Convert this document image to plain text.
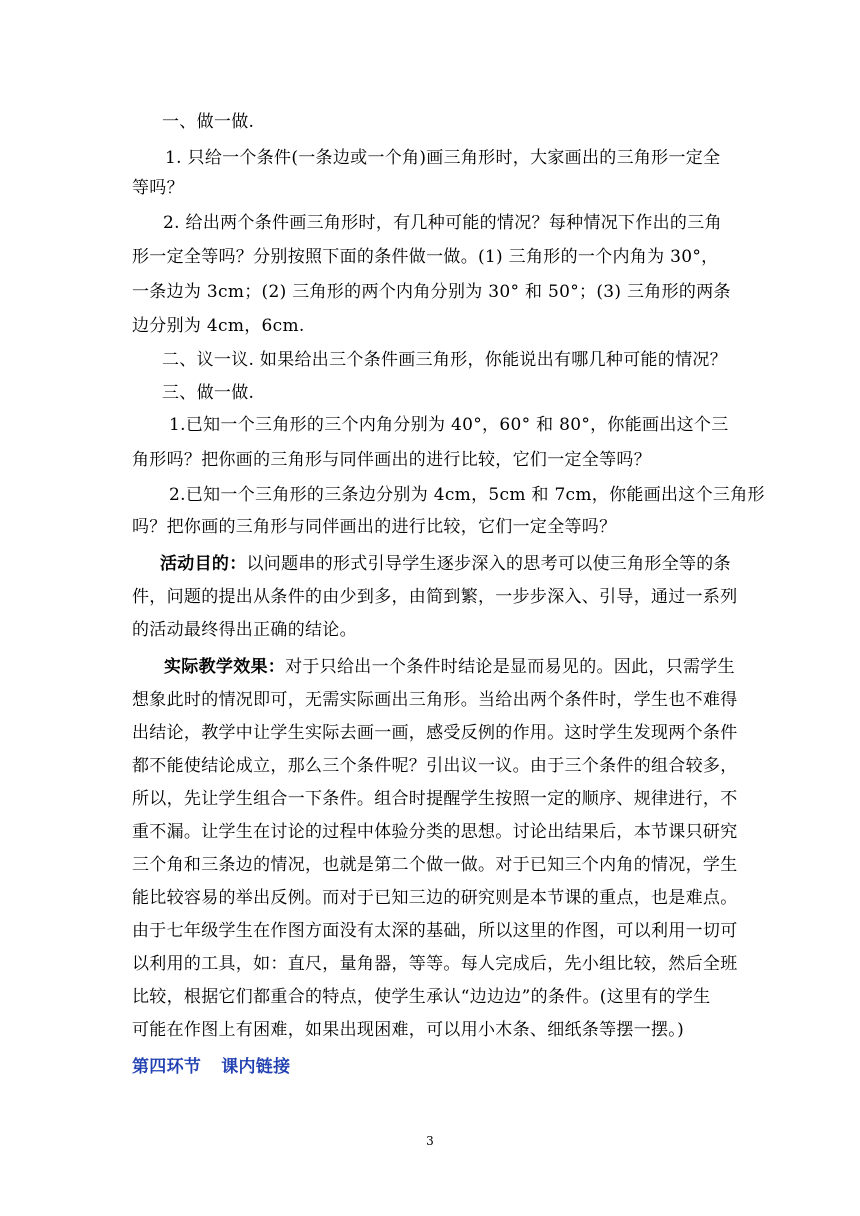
一、做一做.
1. 只给一个条件(一条边或一个角)画三角形时，大家画出的三角形一定全
等吗？
2. 给出两个条件画三角形时，有几种可能的情况？每种情况下作出的三角
形一定全等吗？分别按照下面的条件做一做。(1) 三角形的一个内角为 30°，
一条边为 3cm；(2) 三角形的两个内角分别为 30° 和 50°；(3) 三角形的两条
边分别为 4cm，6cm.
二、议一议. 如果给出三个条件画三角形，你能说出有哪几种可能的情况？
三、做一做.
1.已知一个三角形的三个内角分别为 40°，60° 和 80°，你能画出这个三
角形吗？把你画的三角形与同伴画出的进行比较，它们一定全等吗？
2.已知一个三角形的三条边分别为 4cm，5cm 和 7cm，你能画出这个三角形
吗？把你画的三角形与同伴画出的进行比较，它们一定全等吗？
活动目的：以问题串的形式引导学生逐步深入的思考可以使三角形全等的条
件，问题的提出从条件的由少到多，由简到繁，一步步深入、引导，通过一系列
的活动最终得出正确的结论。
实际教学效果：对于只给出一个条件时结论是显而易见的。因此，只需学生
想象此时的情况即可，无需实际画出三角形。当给出两个条件时，学生也不难得
出结论，教学中让学生实际去画一画，感受反例的作用。这时学生发现两个条件
都不能使结论成立，那么三个条件呢？引出议一议。由于三个条件的组合较多，
所以，先让学生组合一下条件。组合时提醒学生按照一定的顺序、规律进行，不
重不漏。让学生在讨论的过程中体验分类的思想。讨论出结果后，本节课只研究
三个角和三条边的情况，也就是第二个做一做。对于已知三个内角的情况，学生
能比较容易的举出反例。而对于已知三边的研究则是本节课的重点，也是难点。
由于七年级学生在作图方面没有太深的基础，所以这里的作图，可以利用一切可
以利用的工具，如：直尺，量角器，等等。每人完成后，先小组比较，然后全班
比较，根据它们都重合的特点，使学生承认“边边边”的条件。(这里有的学生
可能在作图上有困难，如果出现困难，可以用小木条、细纸条等摆一摆。)
第四环节 课内链接
3
